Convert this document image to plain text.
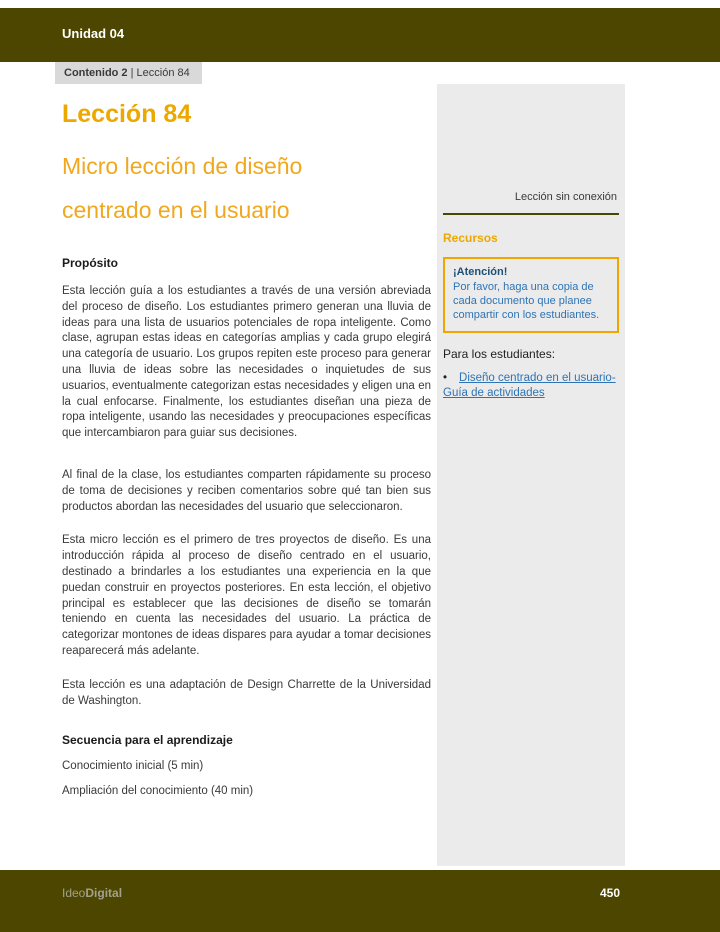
Unidad 04
Contenido 2 | Lección 84
Lección 84
Micro lección de diseño
centrado en el usuario
Propósito

Esta lección guía a los estudiantes a través de una versión abreviada del proceso de diseño. Los estudiantes primero generan una lluvia de ideas para una lista de usuarios potenciales de ropa inteligente. Como clase, agrupan estas ideas en categorías amplias y cada grupo elegirá una categoría de usuario. Los grupos repiten este proceso para generar una lluvia de ideas sobre las necesidades o inquietudes de sus usuarios, eventualmente categorizan estas necesidades y eligen una en la cual enfocarse. Finalmente, los estudiantes diseñan una pieza de ropa inteligente, usando las necesidades y preocupaciones específicas que intercambiaron para guiar sus decisiones.

Al final de la clase, los estudiantes comparten rápidamente su proceso de toma de decisiones y reciben comentarios sobre qué tan bien sus productos abordan las necesidades del usuario que seleccionaron.

Esta micro lección es el primero de tres proyectos de diseño. Es una introducción rápida al proceso de diseño centrado en el usuario, destinado a brindarles a los estudiantes una experiencia en la que puedan construir en proyectos posteriores. En esta lección, el objetivo principal es establecer que las decisiones de diseño se tomarán teniendo en cuenta las necesidades del usuario. La práctica de categorizar montones de ideas dispares para ayudar a tomar decisiones reaparecerá más adelante.

Esta lección es una adaptación de Design Charrette de la Universidad de Washington.

Secuencia para el aprendizaje
Conocimiento inicial (5 min)
Ampliación del conocimiento (40 min)
Lección sin conexión
Recursos
¡Atención!
Por favor, haga una copia de cada documento que planee compartir con los estudiantes.
Para los estudiantes:
• Diseño centrado en el usuario- Guía de actividades
IdeoDigital	450
